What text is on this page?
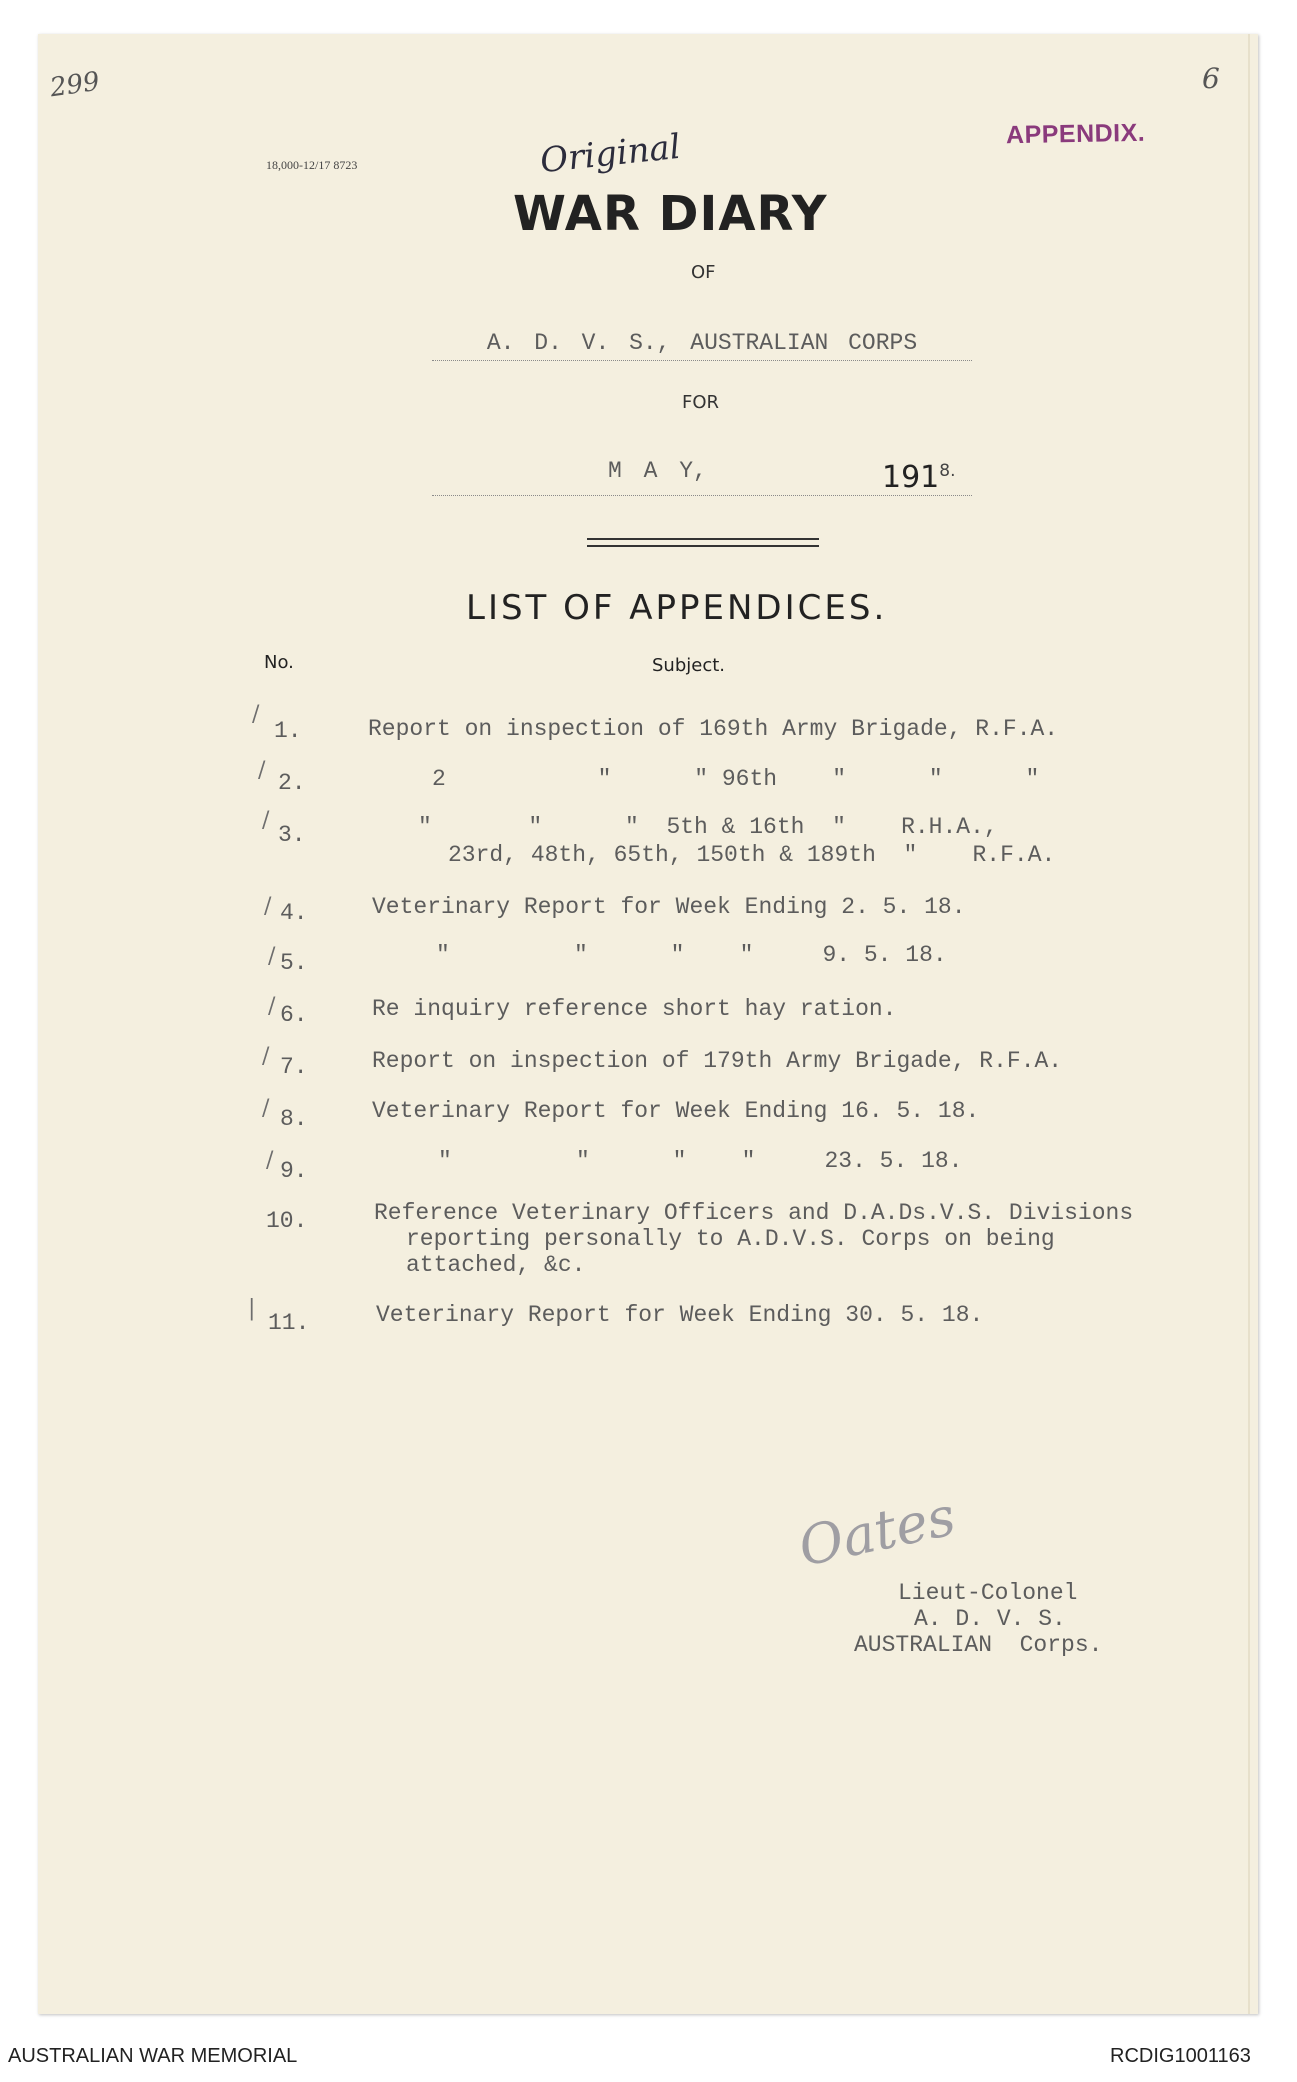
299	6
APPENDIX.
18,000-12/17 8723	Original
WAR DIARY
OF
A. D. V. S., AUSTRALIAN CORPS
FOR
M A Y,	$191^{8.}$
LIST OF APPENDICES.
No.	Subject.
/
1.	Report on inspection of 169th Army Brigade, R.F.A.
/ 2.	2           "      " 96th    "      "      "
/
3.	"       "      "  5th & 16th  "    R.H.A.,
23rd, 48th, 65th, 150th & 189th  "    R.F.A.
/ 4.	Veterinary Report for Week Ending 2. 5. 18.
/ 5.	"         "      "    "     9. 5. 18.
/ 6.	Re inquiry reference short hay ration.
/ 7.	Report on inspection of 179th Army Brigade, R.F.A.
/ 8.	Veterinary Report for Week Ending 16. 5. 18.
/ 9.	"         "      "    "     23. 5. 18.
10.	Reference Veterinary Officers and D.A.Ds.V.S. Divisions
reporting personally to A.D.V.S. Corps on being
attached, &c.
|
11.	Veterinary Report for Week Ending 30. 5. 18.
Oates
Lieut-Colonel
A. D. V. S.
AUSTRALIAN  Corps.
AUSTRALIAN WAR MEMORIAL	RCDIG1001163
